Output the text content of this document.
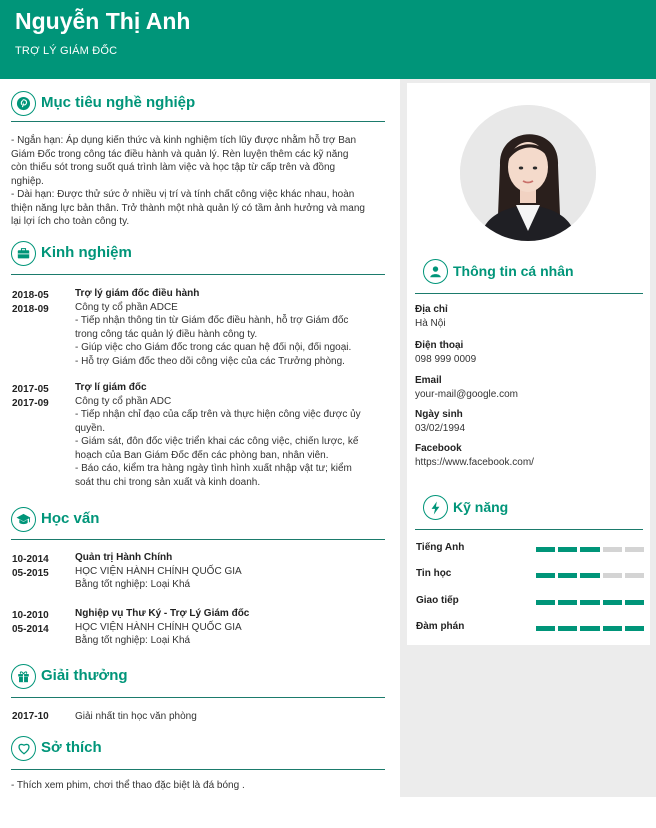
Nguyễn Thị Anh
TRỢ LÝ GIÁM ĐỐC
Mục tiêu nghề nghiệp
- Ngắn hạn: Áp dụng kiến thức và kinh nghiệm tích lũy được nhằm hỗ trợ Ban
Giám Đốc trong công tác điều hành và quản lý. Rèn luyện thêm các kỹ năng
còn thiếu sót trong suốt quá trình làm việc và học tập từ cấp trên và đồng
nghiệp.
- Dài hạn: Được thử sức ở nhiều vị trí và tính chất công việc khác nhau, hoàn
thiện năng lực bản thân. Trở thành một nhà quản lý có tầm ảnh hưởng và mang
lại lợi ích cho toàn công ty.
Kinh nghiệm
2018-05
2018-09
Trợ lý giám đốc điều hành
Công ty cổ phần ADCE
- Tiếp nhận thông tin từ Giám đốc điều hành, hỗ trợ Giám đốc
trong công tác quản lý điều hành công ty.
- Giúp việc cho Giám đốc trong các quan hệ đối nội, đối ngoại.
- Hỗ trợ Giám đốc theo dõi công việc của các Trưởng phòng.
2017-05
2017-09
Trợ lí giám đốc
Công ty cổ phần ADC
- Tiếp nhận chỉ đạo của cấp trên và thực hiện công việc được ủy
quyền.
- Giám sát, đôn đốc việc triển khai các công việc, chiến lược, kế
hoạch của Ban Giám Đốc đến các phòng ban, nhân viên.
- Báo cáo, kiểm tra hàng ngày tình hình xuất nhập vật tư; kiểm
soát thu chi trong sản xuất và kinh doanh.
Học vấn
10-2014
05-2015
Quản trị Hành Chính
HỌC VIỆN HÀNH CHÍNH QUỐC GIA
Bằng tốt nghiệp: Loại Khá
10-2010
05-2014
Nghiệp vụ Thư Ký - Trợ Lý Giám đốc
HỌC VIỆN HÀNH CHÍNH QUỐC GIA
Bằng tốt nghiệp: Loại Khá
Giải thưởng
2017-10	Giải nhất tin học văn phòng
Sở thích
- Thích xem phim, chơi thể thao đặc biệt là đá bóng .
Thông tin cá nhân
Địa chỉ
Hà Nội
Điện thoại
098 999 0009
Email
your-mail@google.com
Ngày sinh
03/02/1994
Facebook
https://www.facebook.com/
Kỹ năng
Tiếng Anh
Tin học
Giao tiếp
Đàm phán
